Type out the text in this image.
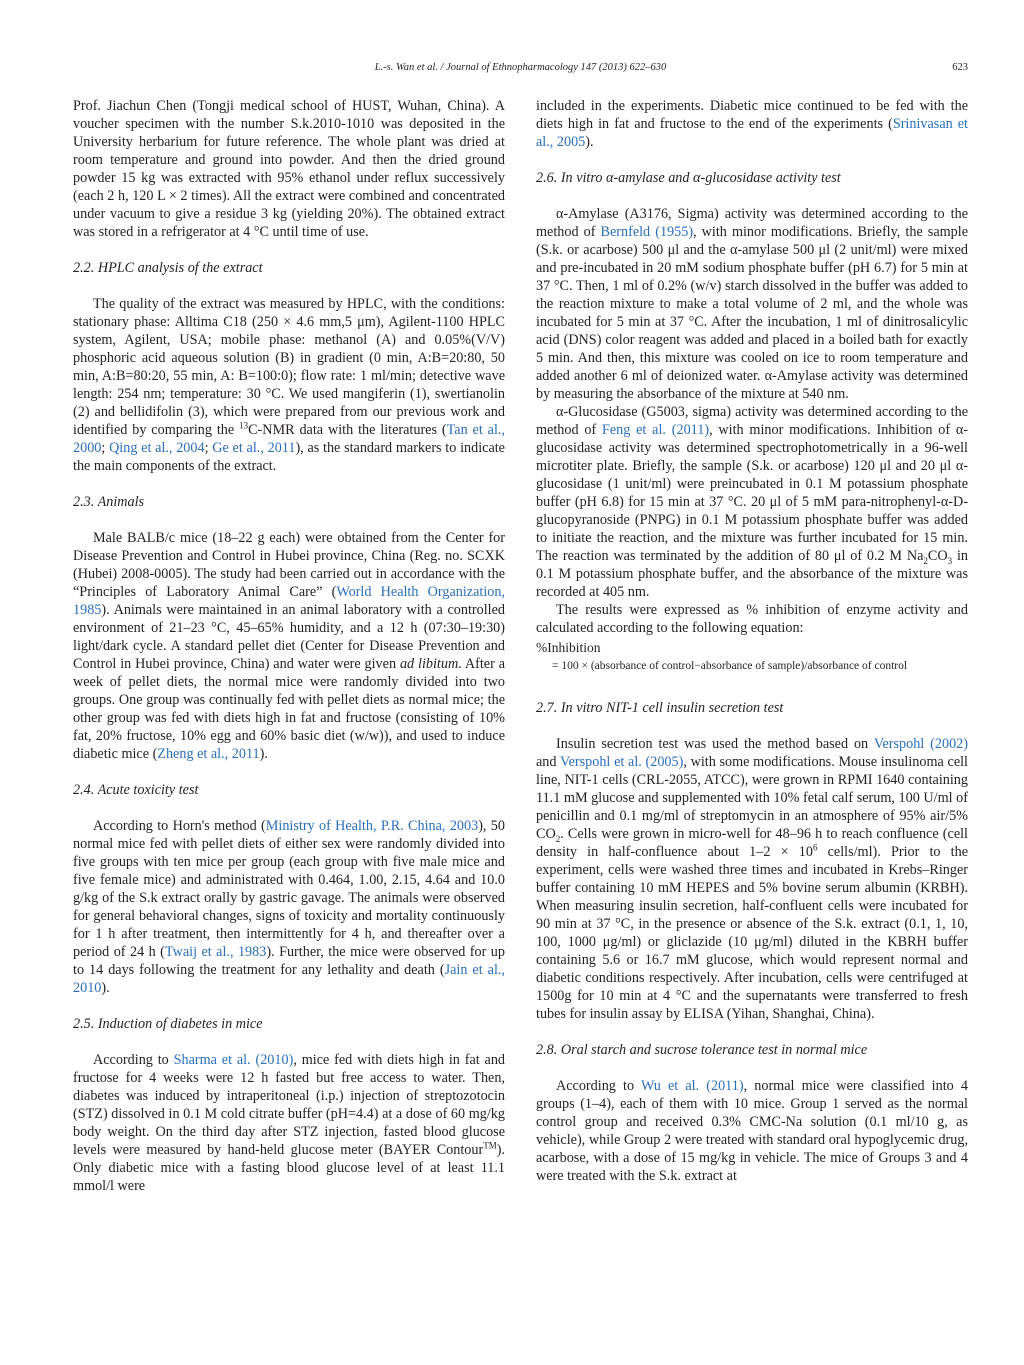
L.-s. Wan et al. / Journal of Ethnopharmacology 147 (2013) 622–630	623

Prof. Jiachun Chen (Tongji medical school of HUST, Wuhan, China). A voucher specimen with the number S.k.2010-1010 was deposited in the University herbarium for future reference. The whole plant was dried at room temperature and ground into powder. And then the dried ground powder 15 kg was extracted with 95% ethanol under reflux successively (each 2 h, 120 L × 2 times). All the extract were combined and concentrated under vacuum to give a residue 3 kg (yielding 20%). The obtained extract was stored in a refrigerator at 4 °C until time of use.

2.2. HPLC analysis of the extract

The quality of the extract was measured by HPLC, with the conditions: stationary phase: Alltima C18 (250 × 4.6 mm,5 μm), Agilent-1100 HPLC system, Agilent, USA; mobile phase: methanol (A) and 0.05%(V/V) phosphoric acid aqueous solution (B) in gradient (0 min, A:B=20:80, 50 min, A:B=80:20, 55 min, A: B=100:0); flow rate: 1 ml/min; detective wave length: 254 nm; temperature: 30 °C. We used mangiferin (1), swertianolin (2) and bellidifolin (3), which were prepared from our previous work and identified by comparing the $^{13}$C-NMR data with the literatures (Tan et al., 2000; Qing et al., 2004; Ge et al., 2011), as the standard markers to indicate the main components of the extract.

2.3. Animals

Male BALB/c mice (18–22 g each) were obtained from the Center for Disease Prevention and Control in Hubei province, China (Reg. no. SCXK (Hubei) 2008-0005). The study had been carried out in accordance with the “Principles of Laboratory Animal Care” (World Health Organization, 1985). Animals were maintained in an animal laboratory with a controlled environment of 21–23 °C, 45–65% humidity, and a 12 h (07:30–19:30) light/dark cycle. A standard pellet diet (Center for Disease Prevention and Control in Hubei province, China) and water were given ad libitum. After a week of pellet diets, the normal mice were randomly divided into two groups. One group was continually fed with pellet diets as normal mice; the other group was fed with diets high in fat and fructose (consisting of 10% fat, 20% fructose, 10% egg and 60% basic diet (w/w)), and used to induce diabetic mice (Zheng et al., 2011).

2.4. Acute toxicity test

According to Horn's method (Ministry of Health, P.R. China, 2003), 50 normal mice fed with pellet diets of either sex were randomly divided into five groups with ten mice per group (each group with five male mice and five female mice) and administrated with 0.464, 1.00, 2.15, 4.64 and 10.0 g/kg of the S.k extract orally by gastric gavage. The animals were observed for general behavioral changes, signs of toxicity and mortality continuously for 1 h after treatment, then intermittently for 4 h, and thereafter over a period of 24 h (Twaij et al., 1983). Further, the mice were observed for up to 14 days following the treatment for any lethality and death (Jain et al., 2010).

2.5. Induction of diabetes in mice

According to Sharma et al. (2010), mice fed with diets high in fat and fructose for 4 weeks were 12 h fasted but free access to water. Then, diabetes was induced by intraperitoneal (i.p.) injection of streptozotocin (STZ) dissolved in 0.1 M cold citrate buffer (pH=4.4) at a dose of 60 mg/kg body weight. On the third day after STZ injection, fasted blood glucose levels were measured by hand-held glucose meter (BAYER Contour™). Only diabetic mice with a fasting blood glucose level of at least 11.1 mmol/l were

included in the experiments. Diabetic mice continued to be fed with the diets high in fat and fructose to the end of the experiments (Srinivasan et al., 2005).

2.6. In vitro α-amylase and α-glucosidase activity test

α-Amylase (A3176, Sigma) activity was determined according to the method of Bernfeld (1955), with minor modifications. Briefly, the sample (S.k. or acarbose) 500 μl and the α-amylase 500 μl (2 unit/ml) were mixed and pre-incubated in 20 mM sodium phosphate buffer (pH 6.7) for 5 min at 37 °C. Then, 1 ml of 0.2% (w/v) starch dissolved in the buffer was added to the reaction mixture to make a total volume of 2 ml, and the whole was incubated for 5 min at 37 °C. After the incubation, 1 ml of dinitrosalicylic acid (DNS) color reagent was added and placed in a boiled bath for exactly 5 min. And then, this mixture was cooled on ice to room temperature and added another 6 ml of deionized water. α-Amylase activity was determined by measuring the absorbance of the mixture at 540 nm.

α-Glucosidase (G5003, sigma) activity was determined according to the method of Feng et al. (2011), with minor modifications. Inhibition of α-glucosidase activity was determined spectrophotometrically in a 96-well microtiter plate. Briefly, the sample (S.k. or acarbose) 120 μl and 20 μl α-glucosidase (1 unit/ml) were preincubated in 0.1 M potassium phosphate buffer (pH 6.8) for 15 min at 37 °C. 20 μl of 5 mM para-nitrophenyl-α-D-glucopyranoside (PNPG) in 0.1 M potassium phosphate buffer was added to initiate the reaction, and the mixture was further incubated for 15 min. The reaction was terminated by the addition of 80 μl of 0.2 M $Na_2CO_3$ in 0.1 M potassium phosphate buffer, and the absorbance of the mixture was recorded at 405 nm.

The results were expressed as % inhibition of enzyme activity and calculated according to the following equation:

%Inhibition
= 100 × (absorbance of control−absorbance of sample)/absorbance of control
2.7. In vitro NIT-1 cell insulin secretion test

Insulin secretion test was used the method based on Verspohl (2002) and Verspohl et al. (2005), with some modifications. Mouse insulinoma cell line, NIT-1 cells (CRL-2055, ATCC), were grown in RPMI 1640 containing 11.1 mM glucose and supplemented with 10% fetal calf serum, 100 U/ml of penicillin and 0.1 mg/ml of streptomycin in an atmosphere of 95% air/5% $CO_2$. Cells were grown in micro-well for 48–96 h to reach confluence (cell density in half-confluence about $1-2 \times 10^6$ cells/ml). Prior to the experiment, cells were washed three times and incubated in Krebs–Ringer buffer containing 10 mM HEPES and 5% bovine serum albumin (KRBH). When measuring insulin secretion, half-confluent cells were incubated for 90 min at 37 °C, in the presence or absence of the S.k. extract (0.1, 1, 10, 100, 1000 μg/ml) or gliclazide (10 μg/ml) diluted in the KBRH buffer containing 5.6 or 16.7 mM glucose, which would represent normal and diabetic conditions respectively. After incubation, cells were centrifuged at 1500g for 10 min at 4 °C and the supernatants were transferred to fresh tubes for insulin assay by ELISA (Yihan, Shanghai, China).

2.8. Oral starch and sucrose tolerance test in normal mice

According to Wu et al. (2011), normal mice were classified into 4 groups (1–4), each of them with 10 mice. Group 1 served as the normal control group and received 0.3% CMC-Na solution (0.1 ml/10 g, as vehicle), while Group 2 were treated with standard oral hypoglycemic drug, acarbose, with a dose of 15 mg/kg in vehicle. The mice of Groups 3 and 4 were treated with the S.k. extract at
